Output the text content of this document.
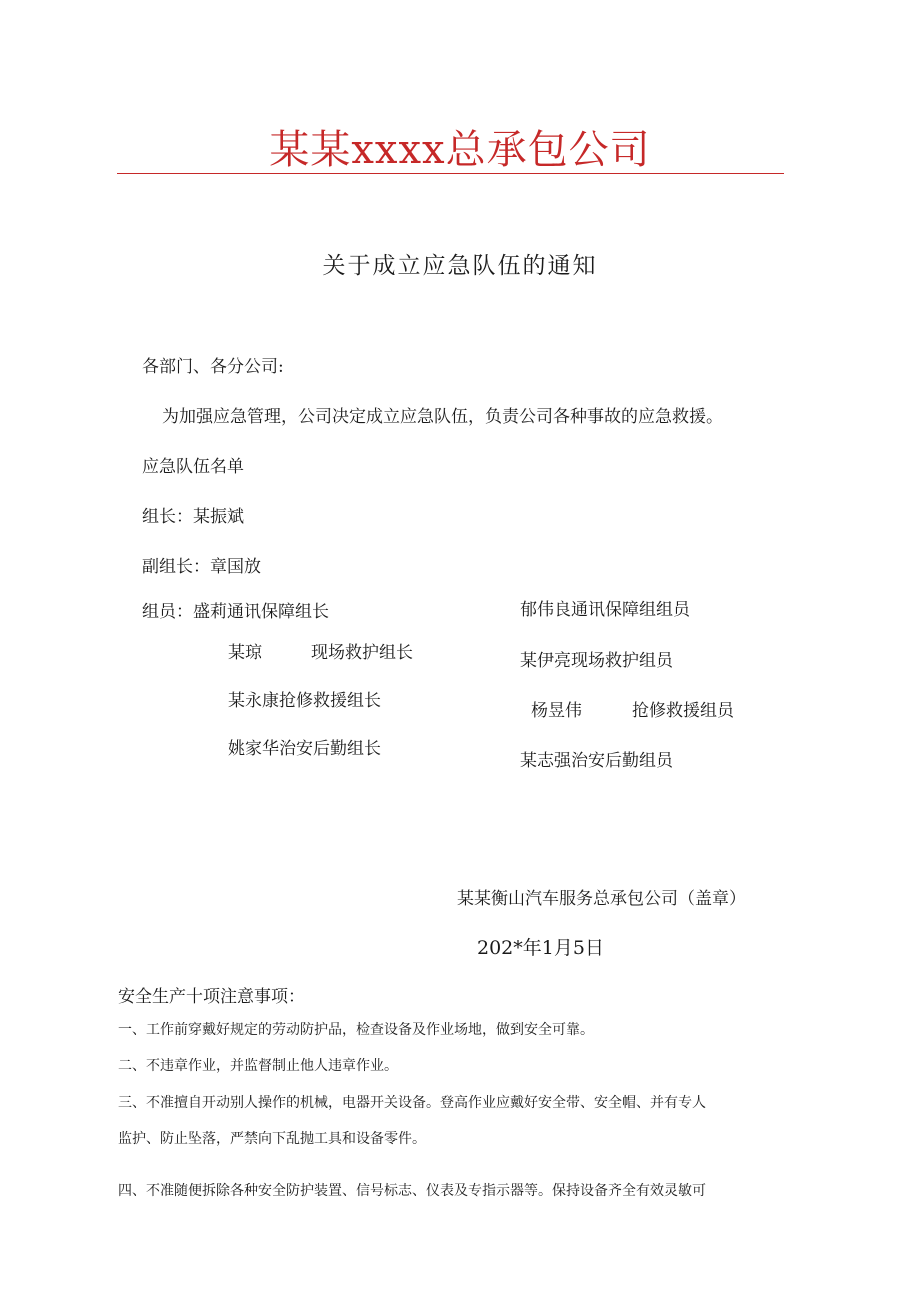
某某xxxx总承包公司
关于成立应急队伍的通知
各部门、各分公司:
为加强应急管理，公司决定成立应急队伍，负责公司各种事故的应急救援。
应急队伍名单
组长：某振斌
副组长：章国放
组员：盛莉通讯保障组长
某琼	现场救护组长
某永康抢修救援组长
姚家华治安后勤组长
郁伟良通讯保障组组员
某伊亮现场救护组员
杨昱伟	抢修救援组员
某志强治安后勤组员
某某衡山汽车服务总承包公司（盖章）
202*年1月5日
安全生产十项注意事项：
一、工作前穿戴好规定的劳动防护品，检查设备及作业场地，做到安全可靠。
二、不违章作业，并监督制止他人违章作业。
三、不准擅自开动别人操作的机械，电器开关设备。登高作业应戴好安全带、安全帽、并有专人
监护、防止坠落，严禁向下乱抛工具和设备零件。
四、不准随便拆除各种安全防护装置、信号标志、仪表及专指示器等。保持设备齐全有效灵敏可
